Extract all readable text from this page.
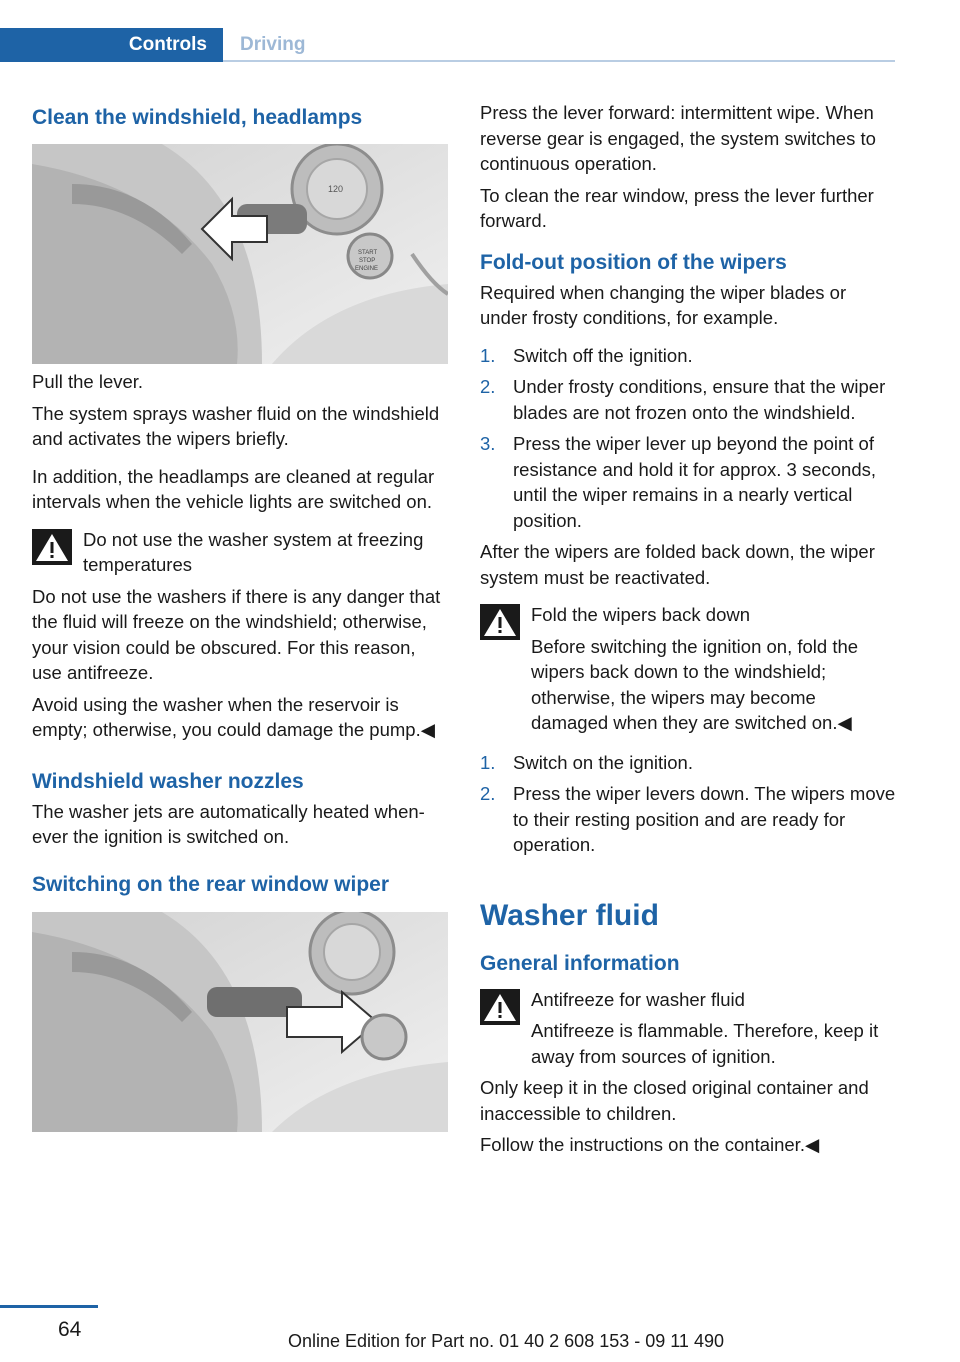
Controls	Driving
Clean the windshield, headlamps
120
START
STOP
ENGINE

Pull the lever.

The system sprays washer fluid on the windshield and activates the wipers briefly.

In addition, the headlamps are cleaned at regular intervals when the vehicle lights are switched on.

Do not use the washer system at freezing temperatures

Do not use the washers if there is any danger that the fluid will freeze on the windshield; otherwise, your vision could be obscured. For this reason, use antifreeze.

Avoid using the washer when the reservoir is empty; otherwise, you could damage the pump.◀

Windshield washer nozzles

The washer jets are automatically heated whenever the ignition is switched on.

Switching on the rear window wiper

Press the lever forward: intermittent wipe. When reverse gear is engaged, the system switches to continuous operation.

To clean the rear window, press the lever further forward.

Fold-out position of the wipers

Required when changing the wiper blades or under frosty conditions, for example.

1. Switch off the ignition.
2. Under frosty conditions, ensure that the wiper blades are not frozen onto the windshield.
3. Press the wiper lever up beyond the point of resistance and hold it for approx. 3 seconds, until the wiper remains in a nearly vertical position.

After the wipers are folded back down, the wiper system must be reactivated.

Fold the wipers back down

Before switching the ignition on, fold the wipers back down to the windshield; otherwise, the wipers may become damaged when they are switched on.◀

1. Switch on the ignition.
2. Press the wiper levers down. The wipers move to their resting position and are ready for operation.
Washer fluid
General information

Antifreeze for washer fluid

Antifreeze is flammable. Therefore, keep it away from sources of ignition.

Only keep it in the closed original container and inaccessible to children.

Follow the instructions on the container.◀

64	Online Edition for Part no. 01 40 2 608 153 - 09 11 490
